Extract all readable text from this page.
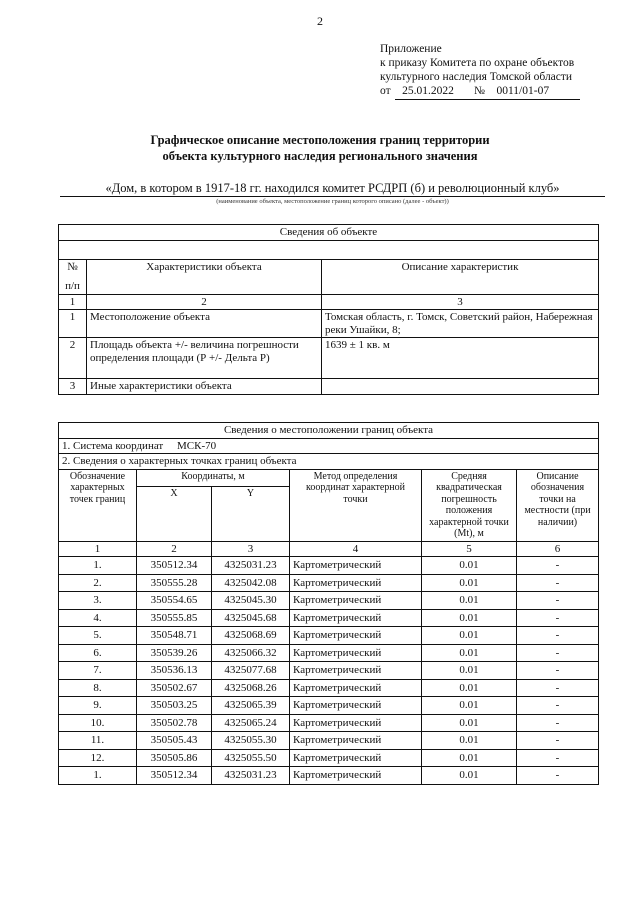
2
Приложение
к приказу Комитета по охране объектов
культурного наследия Томской области
от 25.01.2022 № 0011/01-07
Графическое описание местоположения границ территории
объекта культурного наследия регионального значения
«Дом, в котором в 1917-18 гг. находился комитет РСДРП (б) и революционный клуб»
(наименование объекта, местоположение границ которого описано (далее - объект))
Сведения об объекте		

№
п/п	Характеристики объекта	Описание характеристик
1	2	3
1	Местоположение объекта	Томская область, г. Томск, Советский район, Набережная реки Ушайки, 8;
2	Площадь объекта +/- величина погрешности определения площади (Р +/- Дельта Р)	1639 ± 1 кв. м
3	Иные характеристики объекта	
Сведения о местоположении границ объекта					
1. Система координат МСК-70					
2. Сведения о характерных точках границ объекта					
Обозначение характерных точек границ	Координаты, м		Метод определения координат характерной точки	Средняя квадратическая погрешность положения характерной точки (Mt), м	Описание обозначения точки на местности (при наличии)
	X	Y			
1	2	3	4	5	6
1.	350512.34	4325031.23	Картометрический	0.01	-
2.	350555.28	4325042.08	Картометрический	0.01	-
3.	350554.65	4325045.30	Картометрический	0.01	-
4.	350555.85	4325045.68	Картометрический	0.01	-
5.	350548.71	4325068.69	Картометрический	0.01	-
6.	350539.26	4325066.32	Картометрический	0.01	-
7.	350536.13	4325077.68	Картометрический	0.01	-
8.	350502.67	4325068.26	Картометрический	0.01	-
9.	350503.25	4325065.39	Картометрический	0.01	-
10.	350502.78	4325065.24	Картометрический	0.01	-
11.	350505.43	4325055.30	Картометрический	0.01	-
12.	350505.86	4325055.50	Картометрический	0.01	-
1.	350512.34	4325031.23	Картометрический	0.01	-
